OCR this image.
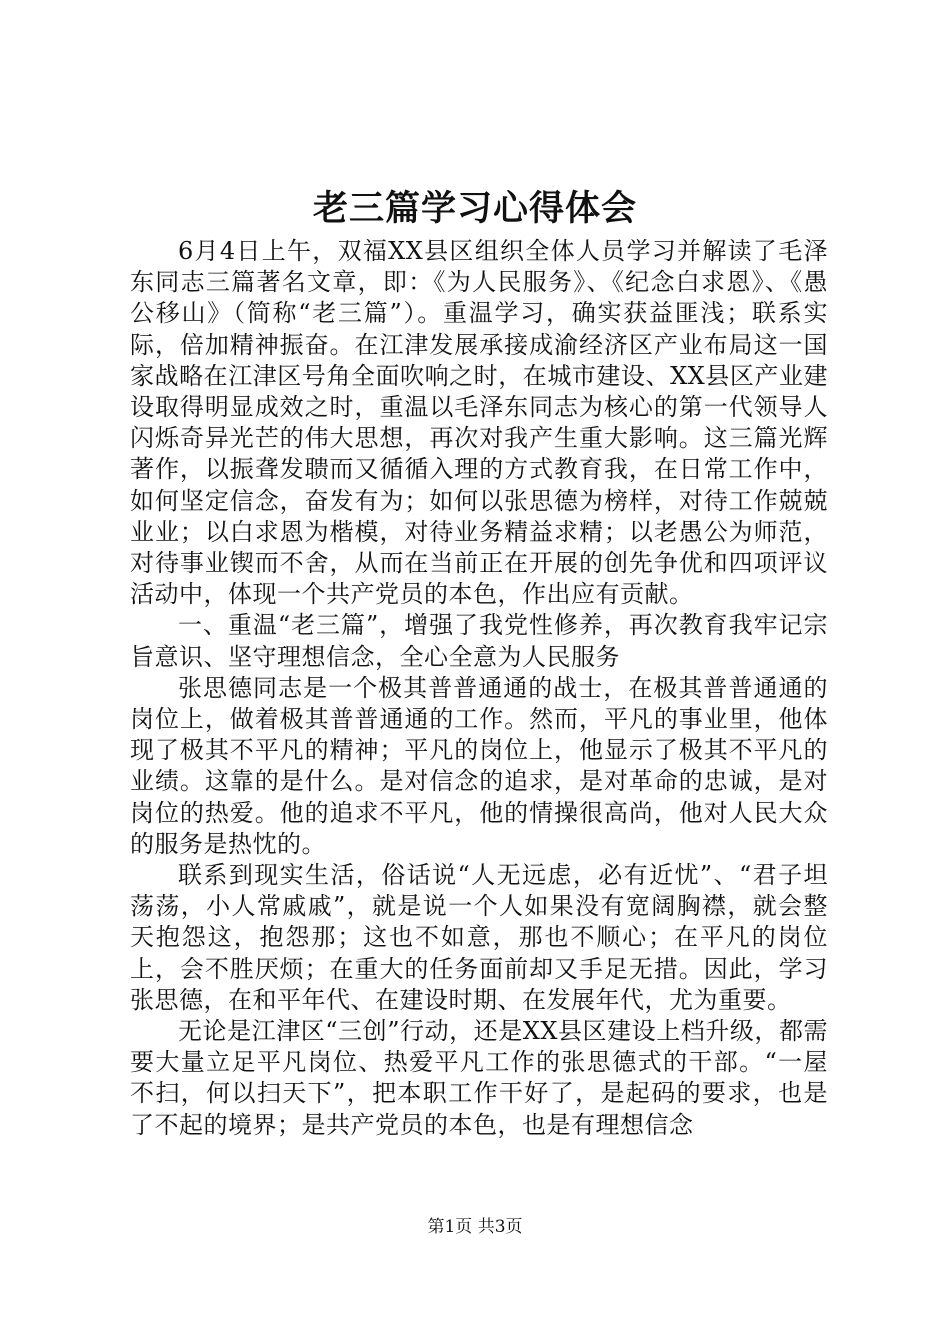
老三篇学习心得体会

6月4日上午，双福XX县区组织全体人员学习并解读了毛泽东同志三篇著名文章，即：《为人民服务》、《纪念白求恩》、《愚公移山》（简称“老三篇”）。重温学习，确实获益匪浅；联系实际，倍加精神振奋。在江津发展承接成渝经济区产业布局这一国家战略在江津区号角全面吹响之时，在城市建设、XX县区产业建设取得明显成效之时，重温以毛泽东同志为核心的第一代领导人闪烁奇异光芒的伟大思想，再次对我产生重大影响。这三篇光辉著作，以振聋发聩而又循循入理的方式教育我，在日常工作中，如何坚定信念，奋发有为；如何以张思德为榜样，对待工作兢兢业业；以白求恩为楷模，对待业务精益求精；以老愚公为师范，对待事业锲而不舍，从而在当前正在开展的创先争优和四项评议活动中，体现一个共产党员的本色，作出应有贡献。

一、重温“老三篇”，增强了我党性修养，再次教育我牢记宗旨意识、坚守理想信念，全心全意为人民服务

张思德同志是一个极其普普通通的战士，在极其普普通通的岗位上，做着极其普普通通的工作。然而，平凡的事业里，他体现了极其不平凡的精神；平凡的岗位上，他显示了极其不平凡的业绩。这靠的是什么。是对信念的追求，是对革命的忠诚，是对岗位的热爱。他的追求不平凡，他的情操很高尚，他对人民大众的服务是热忱的。

联系到现实生活，俗话说“人无远虑，必有近忧”、“君子坦荡荡，小人常戚戚”，就是说一个人如果没有宽阔胸襟，就会整天抱怨这，抱怨那；这也不如意，那也不顺心；在平凡的岗位上，会不胜厌烦；在重大的任务面前却又手足无措。因此，学习张思德，在和平年代、在建设时期、在发展年代，尤为重要。

无论是江津区“三创”行动，还是XX县区建设上档升级，都需要大量立足平凡岗位、热爱平凡工作的张思德式的干部。“一屋不扫，何以扫天下”，把本职工作干好了，是起码的要求，也是了不起的境界；是共产党员的本色，也是有理想信念

第1页 共3页
